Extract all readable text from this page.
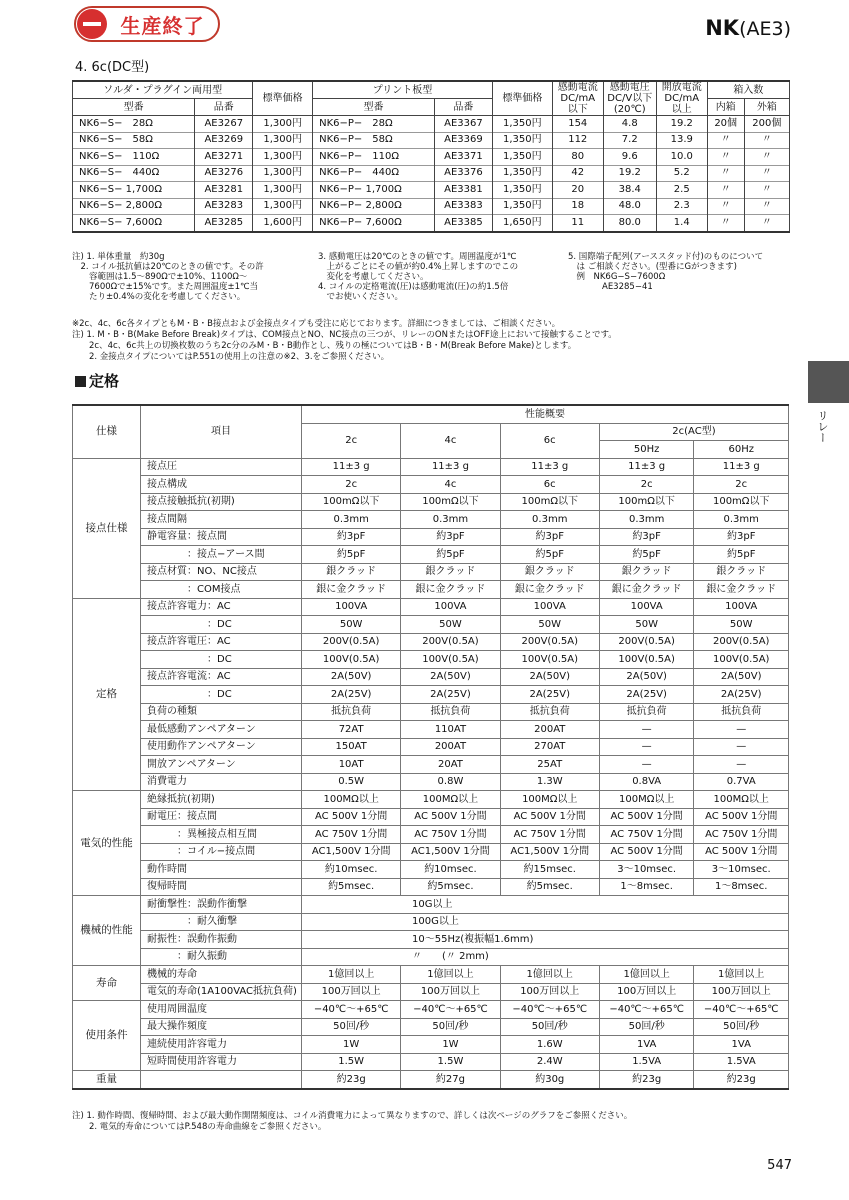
生産終了	NK(AE3)
4. 6c(DC型)
ソルダ・プラグイン両用型		標準価格	プリント板型		標準価格	感動電流 DC/mA 以下	感動電圧 DC/V以下 (20℃)	開放電流 DC/mA 以上	箱入数	
型番	品番		型番	品番					内箱	外箱
NK6−S−　28Ω	AE3267	1,300円	NK6−P−　28Ω	AE3367	1,350円	154	4.8	19.2	20個	200個
NK6−S−　58Ω	AE3269	1,300円	NK6−P−　58Ω	AE3369	1,350円	112	7.2	13.9	〃	〃
NK6−S−　110Ω	AE3271	1,300円	NK6−P−　110Ω	AE3371	1,350円	80	9.6	10.0	〃	〃
NK6−S−　440Ω	AE3276	1,300円	NK6−P−　440Ω	AE3376	1,350円	42	19.2	5.2	〃	〃
NK6−S− 1,700Ω	AE3281	1,300円	NK6−P− 1,700Ω	AE3381	1,350円	20	38.4	2.5	〃	〃
NK6−S− 2,800Ω	AE3283	1,300円	NK6−P− 2,800Ω	AE3383	1,350円	18	48.0	2.3	〃	〃
NK6−S− 7,600Ω	AE3285	1,600円	NK6−P− 7,600Ω	AE3385	1,650円	11	80.0	1.4	〃	〃
注) 1. 単体重量　約30g
　2. コイル抵抗値は20℃のときの値です。その許
　　容範囲は1.5〜890Ωで±10%、1100Ω〜
　　7600Ωで±15%です。また周囲温度±1℃当
　　たり±0.4%の変化を考慮してください。
3. 感動電圧は20℃のときの値です。周囲温度が1℃
　上がるごとにその値が約0.4%上昇しますのでこの
　変化を考慮してください。
4. コイルの定格電流(圧)は感動電流(圧)の約1.5倍
　でお使いください。
5. 国際端子配列(アーススタッド付)のものについて
　は ご相談ください。(型番にGがつきます)
　例　NK6G−S−7600Ω
　　　　AE3285−41
※2c、4c、6c各タイプともM・B・B接点および金接点タイプも受注に応じております。詳細につきましては、ご相談ください。
注) 1. M・B・B(Make Before Break)タイプは、COM接点とNO、NC接点の三つが、リレーのONまたはOFF途上において接触することです。
　　2c、4c、6c共上の切換枚数のうち2c分のみM・B・B動作とし、残りの極についてはB・B・M(Break Before Make)とします。
　　2. 金接点タイプについてはP.551の使用上の注意の※2、3.をご参照ください。
定格
リレー
仕様	項目	性能概要				
		2c	4c	6c	2c(AC型)	
					50Hz	60Hz
接点仕様	接点圧	11±3 g	11±3 g	11±3 g	11±3 g	11±3 g
	接点構成	2c	4c	6c	2c	2c
	接点接触抵抗(初期)	100mΩ以下	100mΩ以下	100mΩ以下	100mΩ以下	100mΩ以下
	接点間隔	0.3mm	0.3mm	0.3mm	0.3mm	0.3mm
	静電容量：接点間	約3pF	約3pF	約3pF	約3pF	約3pF
	　　　　：接点−アース間	約5pF	約5pF	約5pF	約5pF	約5pF
	接点材質：NO、NC接点	銀クラッド	銀クラッド	銀クラッド	銀クラッド	銀クラッド
	　　　　：COM接点	銀に金クラッド	銀に金クラッド	銀に金クラッド	銀に金クラッド	銀に金クラッド
定格	接点許容電力：AC	100VA	100VA	100VA	100VA	100VA
	　　　　　　：DC	50W	50W	50W	50W	50W
	接点許容電圧：AC	200V(0.5A)	200V(0.5A)	200V(0.5A)	200V(0.5A)	200V(0.5A)
	　　　　　　：DC	100V(0.5A)	100V(0.5A)	100V(0.5A)	100V(0.5A)	100V(0.5A)
	接点許容電流：AC	2A(50V)	2A(50V)	2A(50V)	2A(50V)	2A(50V)
	　　　　　　：DC	2A(25V)	2A(25V)	2A(25V)	2A(25V)	2A(25V)
	負荷の種類	抵抗負荷	抵抗負荷	抵抗負荷	抵抗負荷	抵抗負荷
	最低感動アンペアターン	72AT	110AT	200AT	—	—
	使用動作アンペアターン	150AT	200AT	270AT	—	—
	開放アンペアターン	10AT	20AT	25AT	—	—
	消費電力	0.5W	0.8W	1.3W	0.8VA	0.7VA
電気的性能	絶縁抵抗(初期)	100MΩ以上	100MΩ以上	100MΩ以上	100MΩ以上	100MΩ以上
	耐電圧：接点間	AC 500V 1分間	AC 500V 1分間	AC 500V 1分間	AC 500V 1分間	AC 500V 1分間
	　　　：異極接点相互間	AC 750V 1分間	AC 750V 1分間	AC 750V 1分間	AC 750V 1分間	AC 750V 1分間
	　　　：コイル−接点間	AC1,500V 1分間	AC1,500V 1分間	AC1,500V 1分間	AC 500V 1分間	AC 500V 1分間
	動作時間	約10msec.	約10msec.	約15msec.	3〜10msec.	3〜10msec.
	復帰時間	約5msec.	約5msec.	約5msec.	1〜8msec.	1〜8msec.
機械的性能	耐衝撃性：誤動作衝撃	10G以上				
	　　　　：耐久衝撃	100G以上				
	耐振性：誤動作振動	10〜55Hz(複振幅1.6mm)				
	　　　：耐久振動	〃　　(〃 2mm)				
寿命	機械的寿命	1億回以上	1億回以上	1億回以上	1億回以上	1億回以上
	電気的寿命(1A100VAC抵抗負荷)	100万回以上	100万回以上	100万回以上	100万回以上	100万回以上
使用条件	使用周囲温度	−40℃〜+65℃	−40℃〜+65℃	−40℃〜+65℃	−40℃〜+65℃	−40℃〜+65℃
	最大操作頻度	50回/秒	50回/秒	50回/秒	50回/秒	50回/秒
	連続使用許容電力	1W	1W	1.6W	1VA	1VA
	短時間使用許容電力	1.5W	1.5W	2.4W	1.5VA	1.5VA
重量		約23g	約27g	約30g	約23g	約23g
注) 1. 動作時間、復帰時間、および最大動作開閉頻度は、コイル消費電力によって異なりますので、詳しくは次ページのグラフをご参照ください。
　　2. 電気的寿命についてはP.548の寿命曲線をご参照ください。
547
